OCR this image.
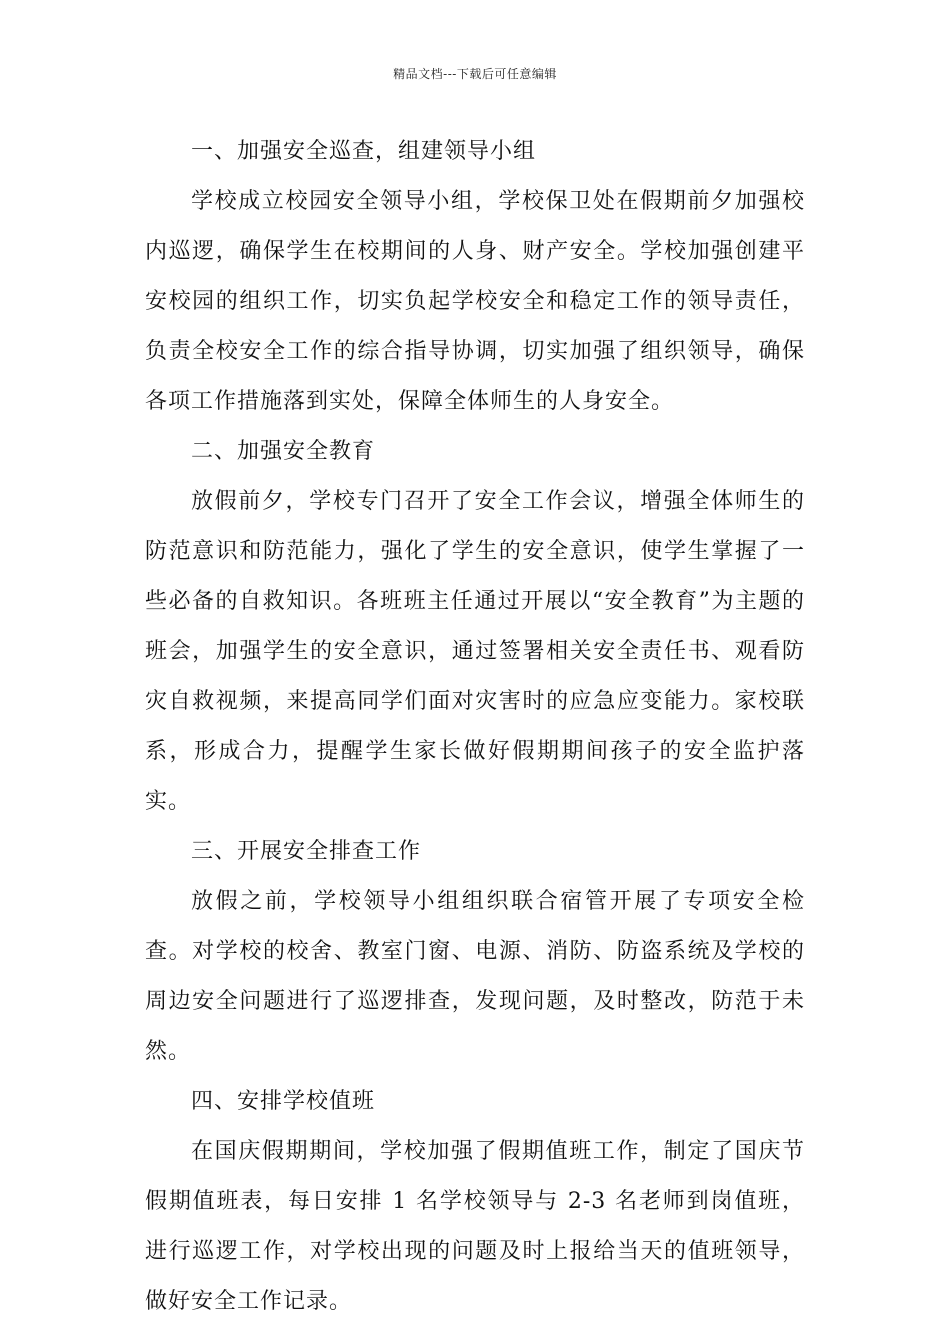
精品文档---下载后可任意编辑

一、加强安全巡查，组建领导小组

学校成立校园安全领导小组，学校保卫处在假期前夕加强校内巡逻，确保学生在校期间的人身、财产安全。学校加强创建平安校园的组织工作，切实负起学校安全和稳定工作的领导责任，负责全校安全工作的综合指导协调，切实加强了组织领导，确保各项工作措施落到实处，保障全体师生的人身安全。

二、加强安全教育

放假前夕，学校专门召开了安全工作会议，增强全体师生的防范意识和防范能力，强化了学生的安全意识，使学生掌握了一些必备的自救知识。各班班主任通过开展以“安全教育”为主题的班会，加强学生的安全意识，通过签署相关安全责任书、观看防灾自救视频，来提高同学们面对灾害时的应急应变能力。家校联系，形成合力，提醒学生家长做好假期期间孩子的安全监护落实。

三、开展安全排查工作

放假之前，学校领导小组组织联合宿管开展了专项安全检查。对学校的校舍、教室门窗、电源、消防、防盗系统及学校的周边安全问题进行了巡逻排查，发现问题，及时整改，防范于未然。

四、安排学校值班

在国庆假期期间，学校加强了假期值班工作，制定了国庆节假期值班表，每日安排 1 名学校领导与 2-3 名老师到岗值班，进行巡逻工作，对学校出现的问题及时上报给当天的值班领导，做好安全工作记录。
